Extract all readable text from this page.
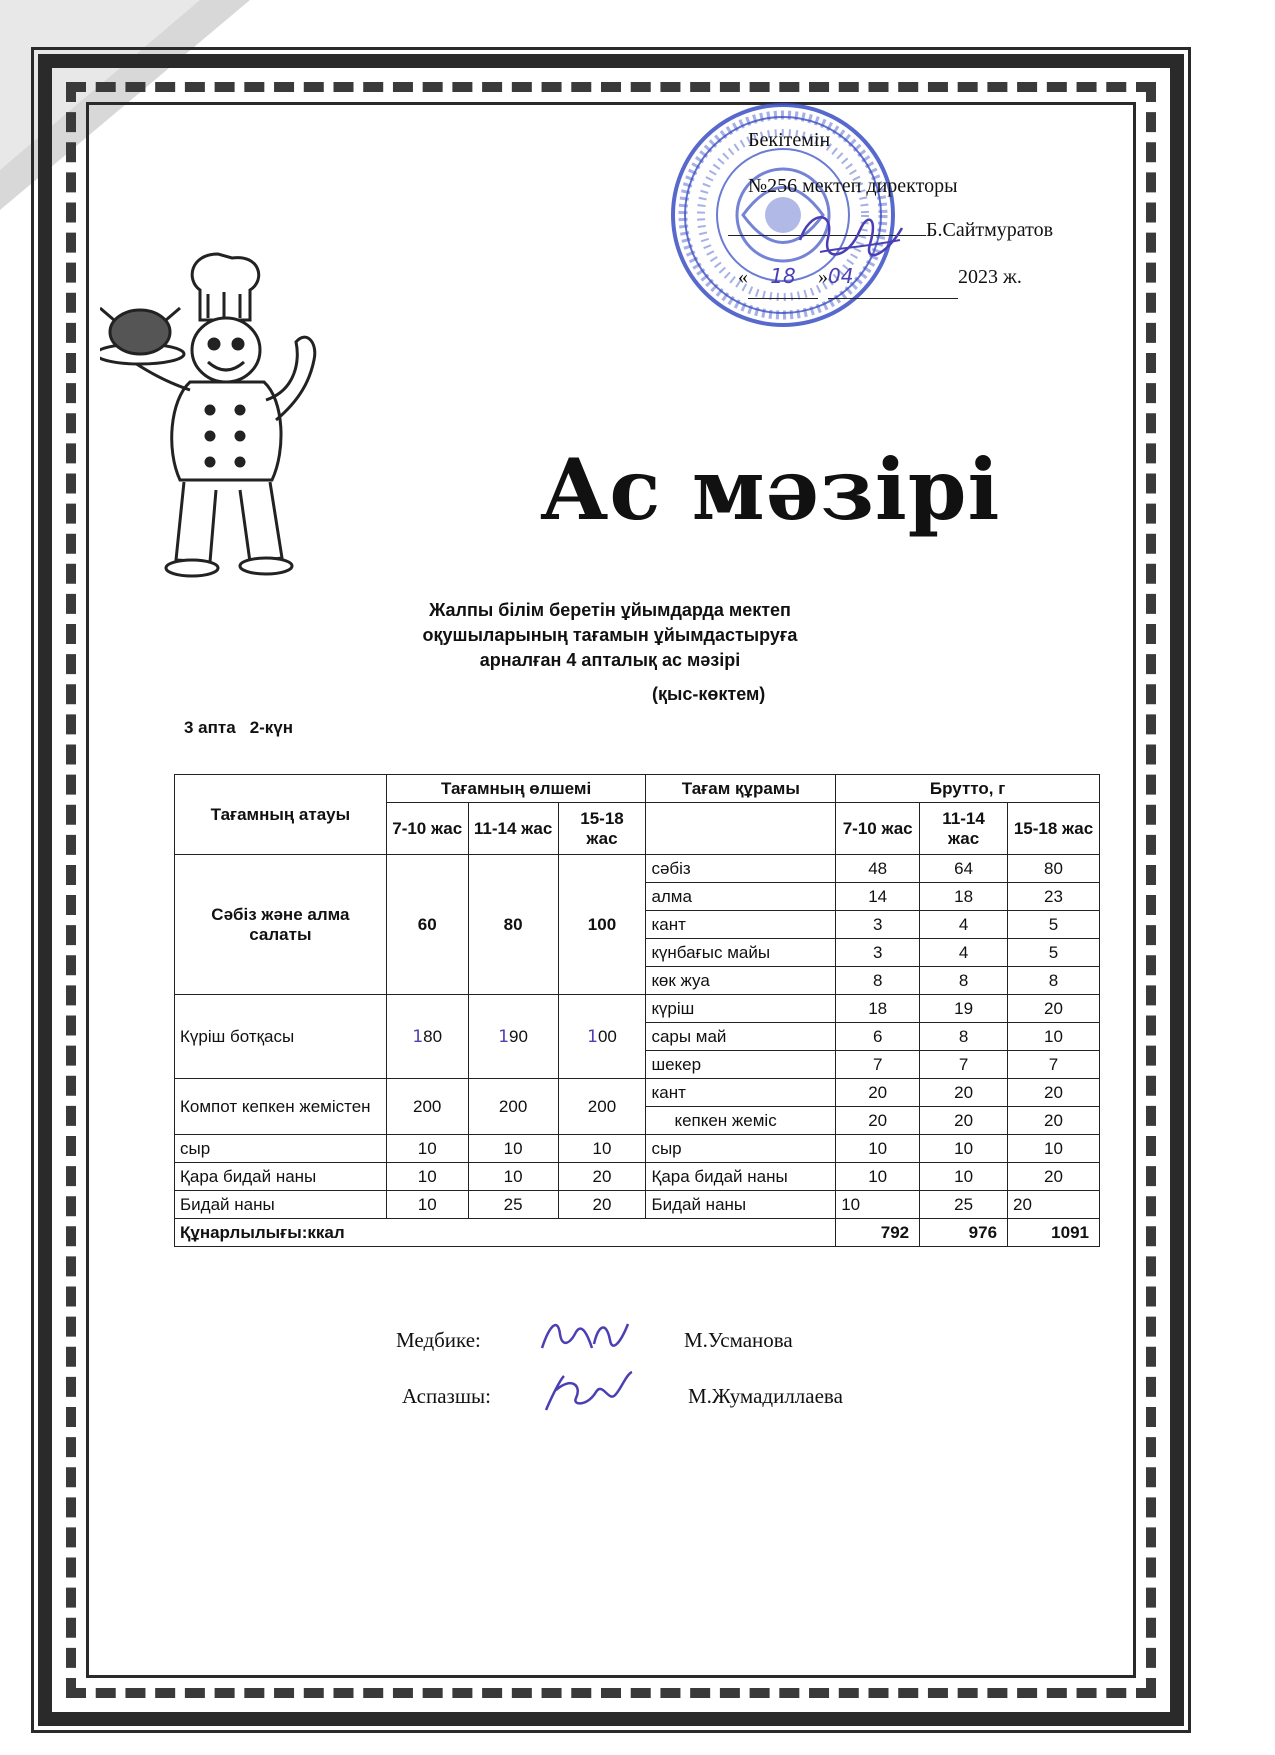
Бекітемін
№256 мектеп директоры
Б.Сайтмуратов
« 18 »04	2023 ж.
Ас мәзірі
Жалпы білім беретін ұйымдарда мектеп
оқушыларының тағамын ұйымдастыруға
арналған 4 апталық ас мәзірі
(қыс-көктем)
3 апта 2-күн
Тағамның атауы	Тағамның өлшемі			Тағам құрамы	Брутто, г		
	7-10 жас	11-14 жас	15-18 жас		7-10 жас	11-14 жас	15-18 жас
Сәбіз және алма салаты	60	80	100	сәбіз	48	64	80
				алма	14	18	23
				кант	3	4	5
				күнбағыс майы	3	4	5
				көк жуа	8	8	8
Күріш ботқасы	180	190	100	күріш	18	19	20
				сары май	6	8	10
				шекер	7	7	7
Компот кепкен жемістен	200	200	200	кант	20	20	20
				кепкен жеміс	20	20	20
сыр	10	10	10	сыр	10	10	10
Қара бидай наны	10	10	20	Қара бидай наны	10	10	20
Бидай наны	10	25	20	Бидай наны	10	25	20
Құнарлылығы:ккал					792	976	1091
Медбике:	М.Усманова
Аспазшы:	М.Жумадиллаева
